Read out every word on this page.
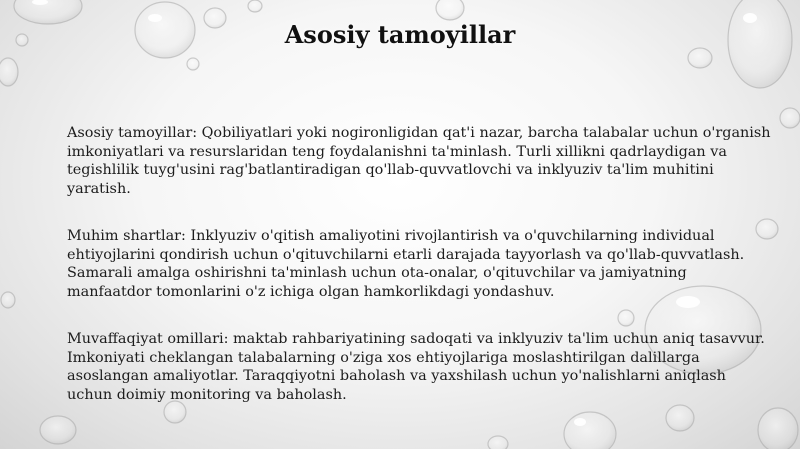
Asosiy tamoyillar

Asosiy tamoyillar: Qobiliyatlari yoki nogironligidan qat'i nazar, barcha talabalar uchun o'rganish imkoniyatlari va resurslaridan teng foydalanishni ta'minlash. Turli xillikni qadrlaydigan va tegishlilik tuyg'usini rag'batlantiradigan qo'llab-quvvatlovchi va inklyuziv ta'lim muhitini yaratish.

Muhim shartlar: Inklyuziv o'qitish amaliyotini rivojlantirish va o'quvchilarning individual ehtiyojlarini qondirish uchun o'qituvchilarni etarli darajada tayyorlash va qo'llab-quvvatlash. Samarali amalga oshirishni ta'minlash uchun ota-onalar, o'qituvchilar va jamiyatning manfaatdor tomonlarini o'z ichiga olgan hamkorlikdagi yondashuv.

Muvaffaqiyat omillari: maktab rahbariyatining sadoqati va inklyuziv ta'lim uchun aniq tasavvur. Imkoniyati cheklangan talabalarning o'ziga xos ehtiyojlariga moslashtirilgan dalillarga asoslangan amaliyotlar. Taraqqiyotni baholash va yaxshilash uchun yo'nalishlarni aniqlash uchun doimiy monitoring va baholash.
